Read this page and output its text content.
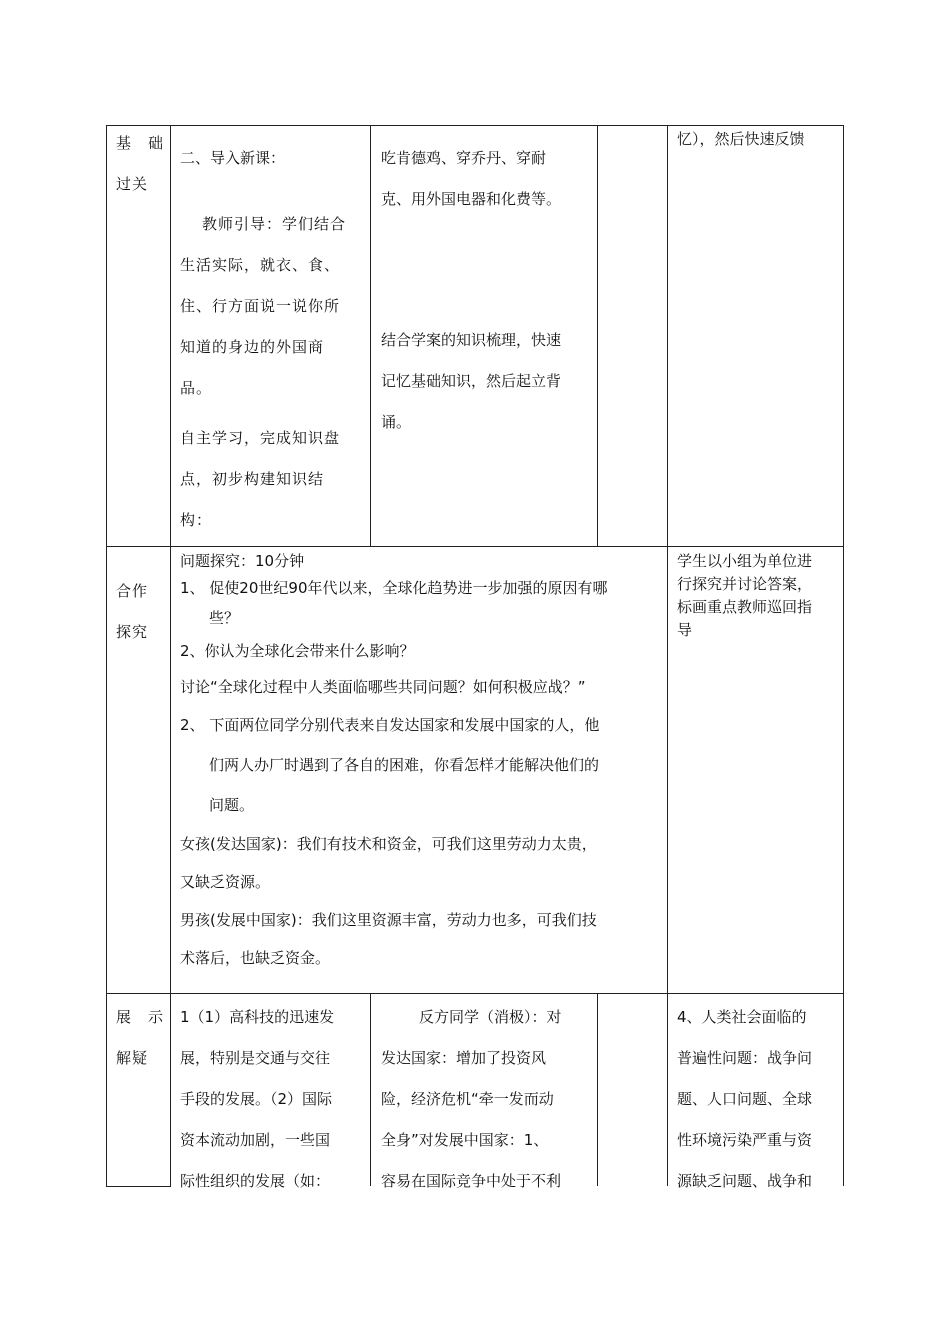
基　础

过关

二、导入新课：

教师引导：学们结合

生活实际，就衣、食、

住、行方面说一说你所

知道的身边的外国商

品。

自主学习，完成知识盘

点，初步构建知识结

构：

吃肯德鸡、穿乔丹、穿耐

克、用外国电器和化费等。

结合学案的知识梳理，快速

记忆基础知识，然后起立背

诵。

忆），然后快速反馈

合作

探究

问题探究：10分钟

1、 促使20世纪90年代以来，全球化趋势进一步加强的原因有哪

些？

2、你认为全球化会带来什么影响？

讨论“全球化过程中人类面临哪些共同问题？如何积极应战？”

2、 下面两位同学分别代表来自发达国家和发展中国家的人，他

们两人办厂时遇到了各自的困难，你看怎样才能解决他们的

问题。

女孩(发达国家)：我们有技术和资金，可我们这里劳动力太贵，

又缺乏资源。

男孩(发展中国家)：我们这里资源丰富，劳动力也多，可我们技

术落后，也缺乏资金。

学生以小组为单位进

行探究并讨论答案，

标画重点教师巡回指

导

展　示

解疑

1（1）高科技的迅速发

展，特别是交通与交往

手段的发展。（2）国际

资本流动加剧，一些国

际性组织的发展（如：

反方同学（消极）：对

发达国家：增加了投资风

险，经济危机“牵一发而动

全身”对发展中国家：1、

容易在国际竞争中处于不利

4、人类社会面临的

普遍性问题：战争问

题、人口问题、全球

性环境污染严重与资

源缺乏问题、战争和
